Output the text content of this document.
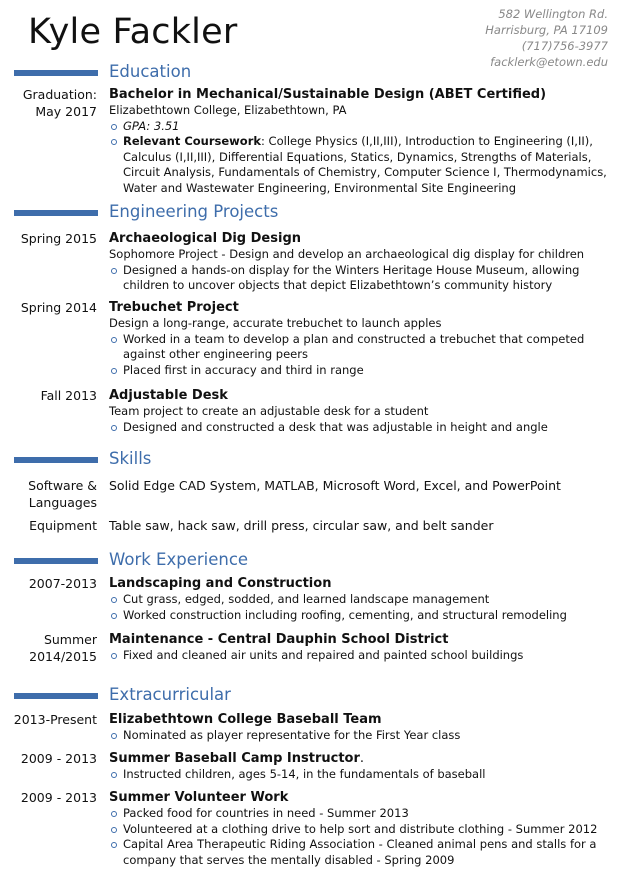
Kyle Fackler	582 Wellington Rd.
Harrisburg, PA 17109
(717)756-3977
facklerk@etown.edu
Education
Graduation:
May 2017
Bachelor in Mechanical/Sustainable Design (ABET Certified)
Elizabethtown College, Elizabethtown, PA
GPA: 3.51
Relevant Coursework: College Physics (I,II,III), Introduction to Engineering (I,II), Calculus (I,II,III), Differential Equations, Statics, Dynamics, Strengths of Materials, Circuit Analysis, Fundamentals of Chemistry, Computer Science I, Thermodynamics, Water and Wastewater Engineering, Environmental Site Engineering
Engineering Projects
Spring 2015 Archaeological Dig Design
Sophomore Project - Design and develop an archaeological dig display for children
Designed a hands-on display for the Winters Heritage House Museum, allowing children to uncover objects that depict Elizabethtown’s community history
Spring 2014 Trebuchet Project
Design a long-range, accurate trebuchet to launch apples
Worked in a team to develop a plan and constructed a trebuchet that competed against other engineering peers
Placed first in accuracy and third in range
Fall 2013 Adjustable Desk
Team project to create an adjustable desk for a student
Designed and constructed a desk that was adjustable in height and angle
Skills
Software &
Languages
Solid Edge CAD System, MATLAB, Microsoft Word, Excel, and PowerPoint
Equipment Table saw, hack saw, drill press, circular saw, and belt sander
Work Experience
2007-2013 Landscaping and Construction
Cut grass, edged, sodded, and learned landscape management
Worked construction including roofing, cementing, and structural remodeling
Summer
2014/2015
Maintenance - Central Dauphin School District
Fixed and cleaned air units and repaired and painted school buildings
Extracurricular
2013-Present Elizabethtown College Baseball Team
Nominated as player representative for the First Year class
2009 - 2013 Summer Baseball Camp Instructor.
Instructed children, ages 5-14, in the fundamentals of baseball
2009 - 2013 Summer Volunteer Work
Packed food for countries in need - Summer 2013
Volunteered at a clothing drive to help sort and distribute clothing - Summer 2012
Capital Area Therapeutic Riding Association - Cleaned animal pens and stalls for a company that serves the mentally disabled - Spring 2009
